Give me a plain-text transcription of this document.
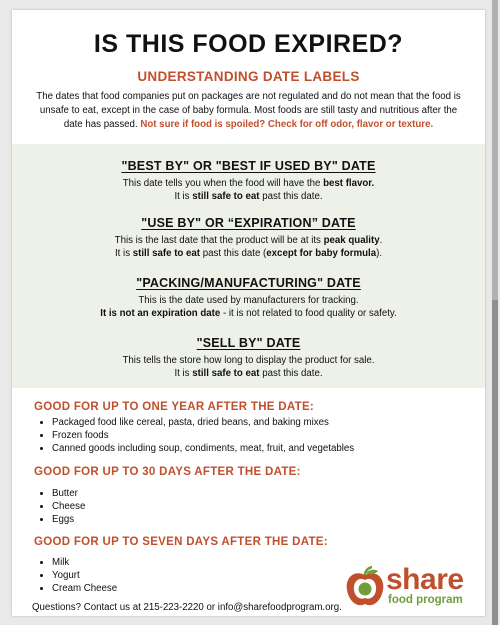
IS THIS FOOD EXPIRED?
UNDERSTANDING DATE LABELS
The dates that food companies put on packages are not regulated and do not mean that the food is unsafe to eat, except in the case of baby formula. Most foods are still tasty and nutritious after the date has passed. Not sure if food is spoiled? Check for off odor, flavor or texture.
"BEST BY" OR "BEST IF USED BY" DATE
This date tells you when the food will have the best flavor.
It is still safe to eat past this date.
"USE BY" OR “EXPIRATION” DATE
This is the last date that the product will be at its peak quality.
It is still safe to eat past this date (except for baby formula).
"PACKING/MANUFACTURING" DATE
This is the date used by manufacturers for tracking.
It is not an expiration date - it is not related to food quality or safety.
"SELL BY" DATE
This tells the store how long to display the product for sale.
It is still safe to eat past this date.
GOOD FOR UP TO ONE YEAR AFTER THE DATE:
• Packaged food like cereal, pasta, dried beans, and baking mixes
• Frozen foods
• Canned goods including soup, condiments, meat, fruit, and vegetables
GOOD FOR UP TO 30 DAYS AFTER THE DATE:
• Butter
• Cheese
• Eggs
GOOD FOR UP TO SEVEN DAYS AFTER THE DATE:
• Milk
• Yogurt
• Cream Cheese
Questions? Contact us at 215-223-2220 or info@sharefoodprogram.org.
share
food program
